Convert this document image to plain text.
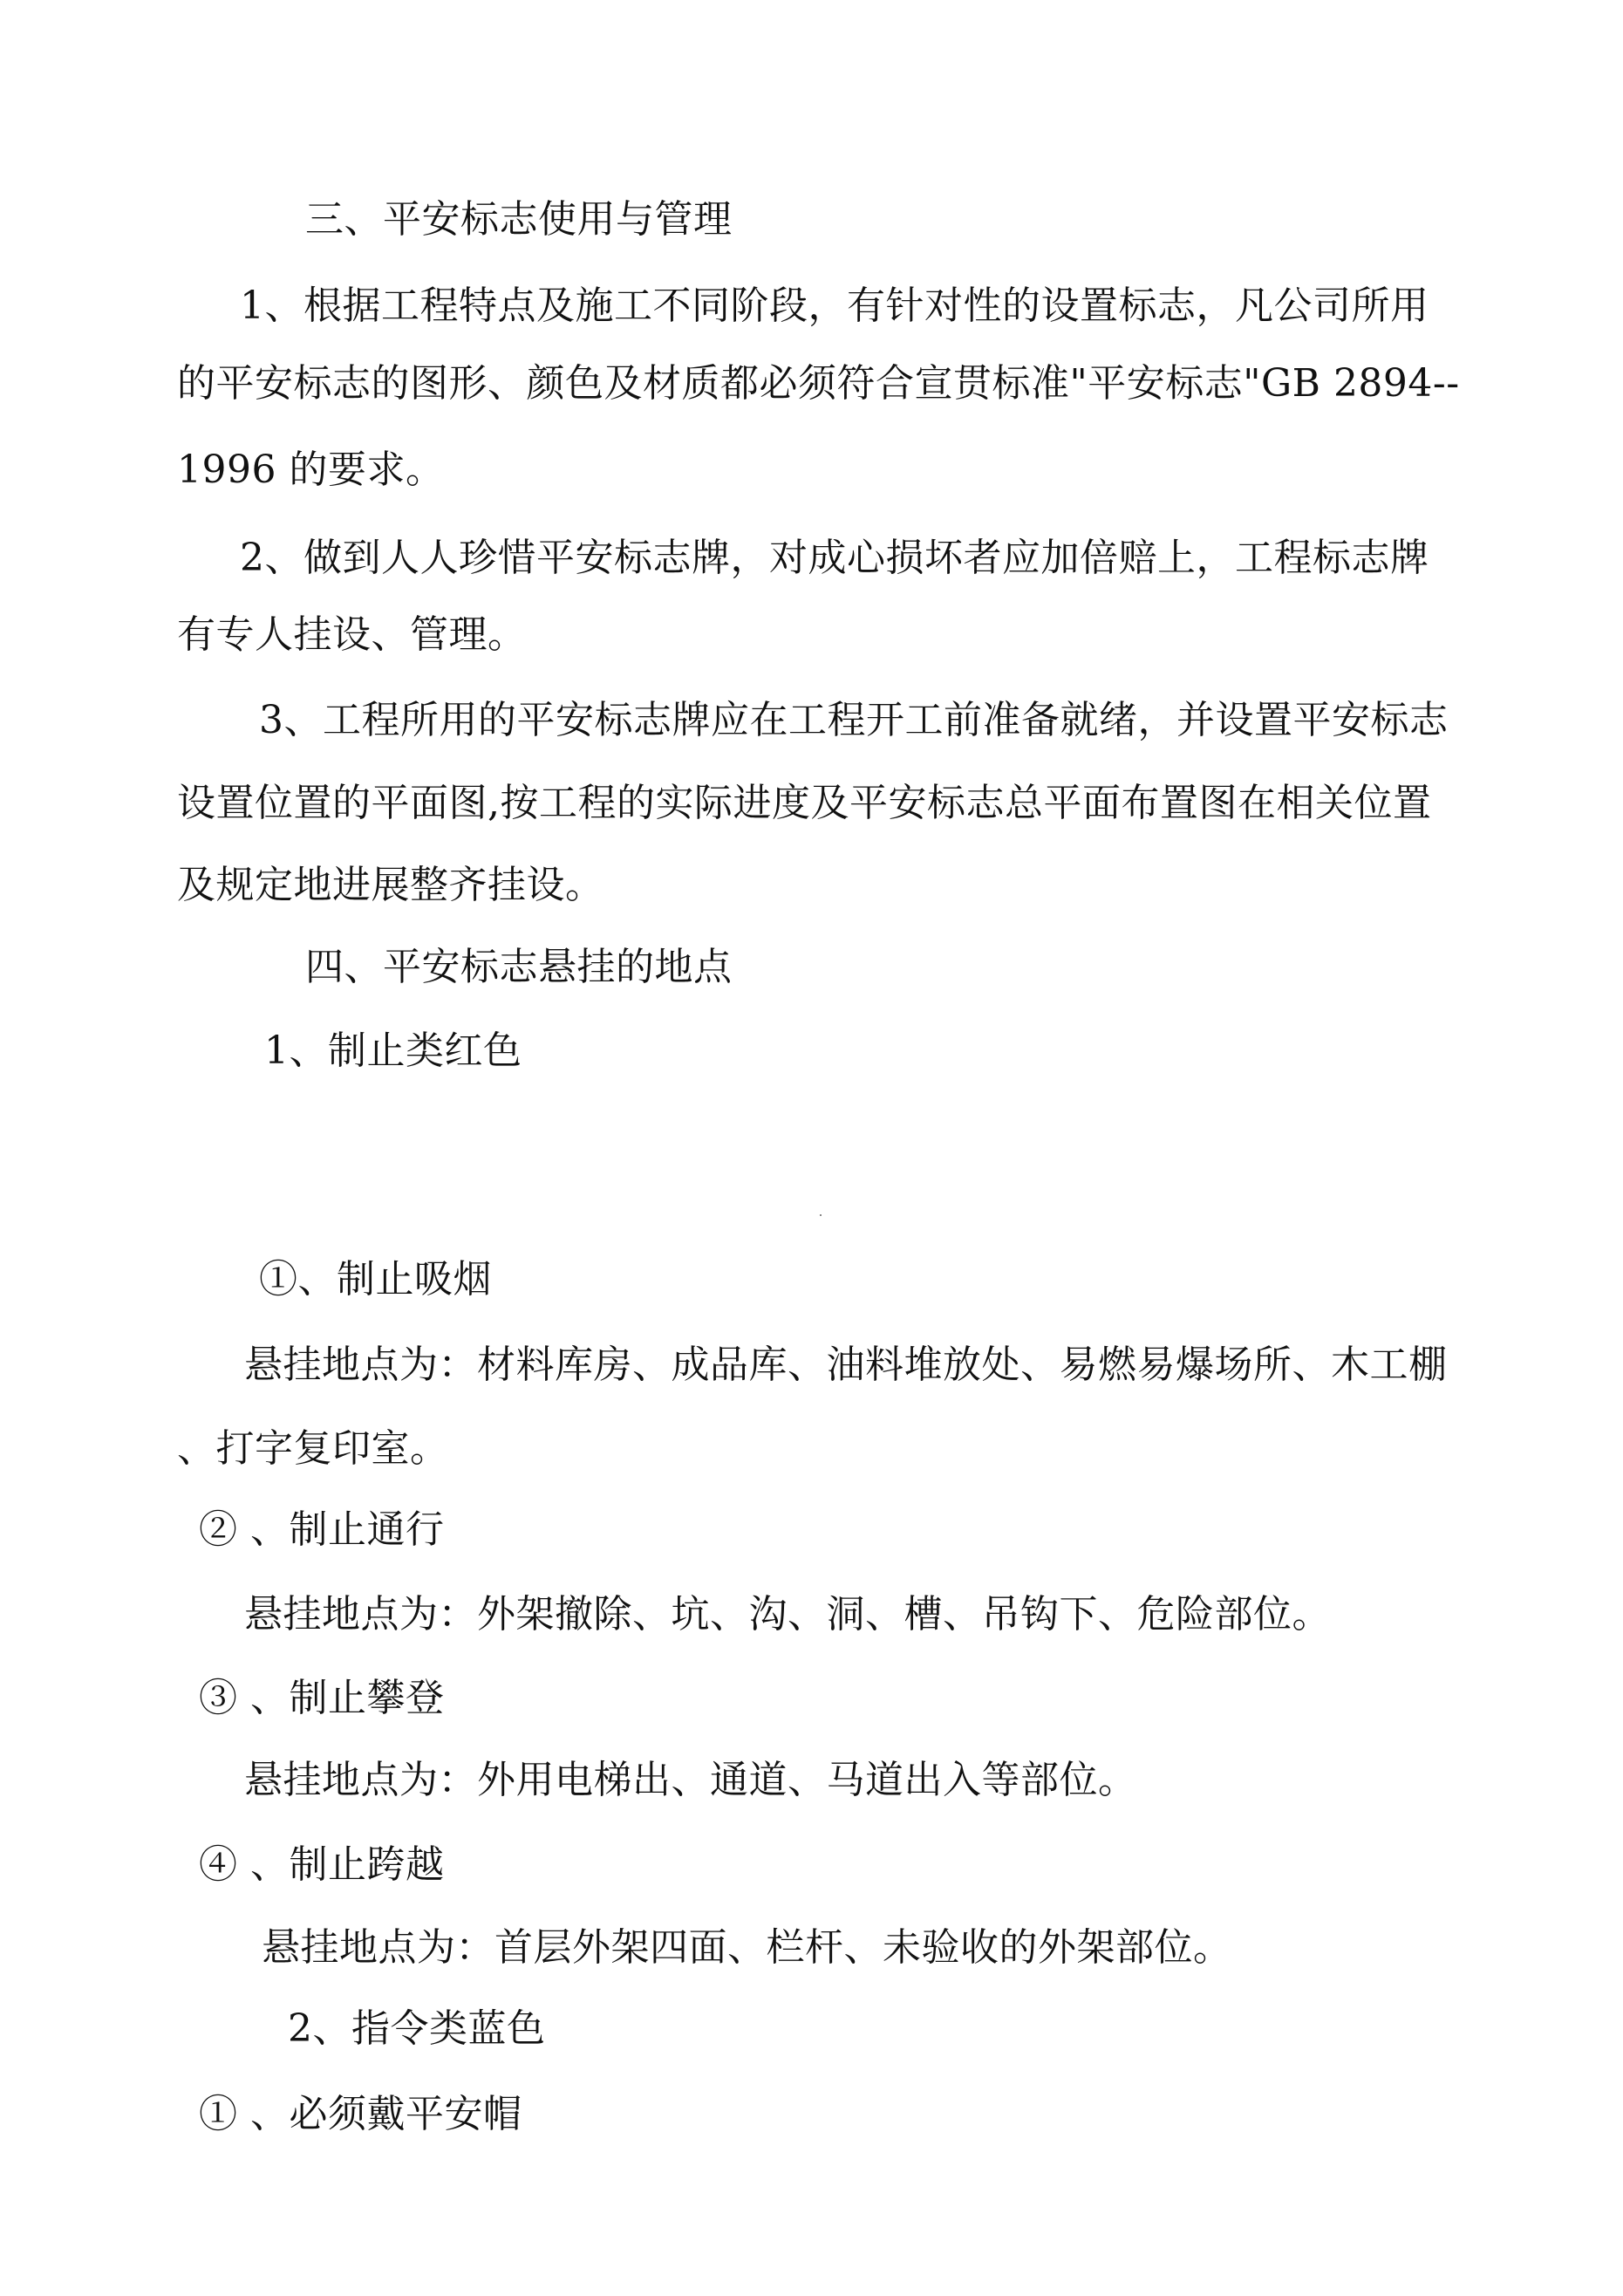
三、平安标志使用与管理
1、根据工程特点及施工不同阶段，有针对性的设置标志，凡公司所用
的平安标志的图形、颜色及材质都必须符合宣贯标准"平安标志"GB 2894--
1996 的要求。
2、做到人人珍惜平安标志牌，对成心损坏者应加倍赔上，工程标志牌
有专人挂设、管理。
3、工程所用的平安标志牌应在工程开工前准备就绪，并设置平安标志
设置位置的平面图,按工程的实际进度及平安标志总平面布置图在相关位置
及规定地进展整齐挂设。
四、平安标志悬挂的地点
1、制止类红色
①、制止吸烟
悬挂地点为：材料库房、成品库、油料堆放处、易燃易爆场所、木工棚
、打字复印室。
② 、制止通行
悬挂地点为：外架撤除、坑、沟、洞、槽、吊钩下、危险部位。
③ 、制止攀登
悬挂地点为：外用电梯出、通道、马道出入等部位。
④ 、制止跨越
悬挂地点为：首层外架四面、栏杆、未验收的外架部位。
2、指令类蓝色
① 、必须戴平安帽
